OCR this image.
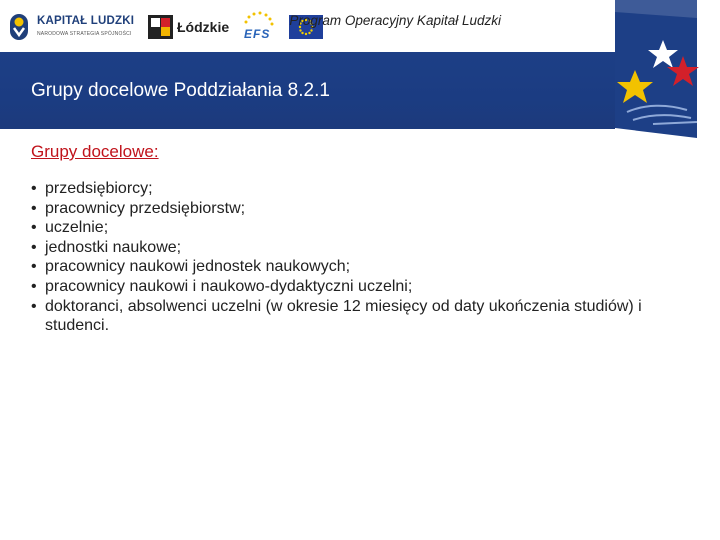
KAPITAŁ LUDZKI
NARODOWA STRATEGIA SPÓJNOŚCI	Łódzkie EFS
Program Operacyjny Kapitał Ludzki
Grupy docelowe Poddziałania 8.2.1
Grupy docelowe:
• przedsiębiorcy;
• pracownicy przedsiębiorstw;
• uczelnie;
• jednostki naukowe;
• pracownicy naukowi jednostek naukowych;
• pracownicy naukowi i naukowo-dydaktyczni uczelni;
• doktoranci, absolwenci uczelni (w okresie 12 miesięcy od daty ukończenia studiów) i studenci.
